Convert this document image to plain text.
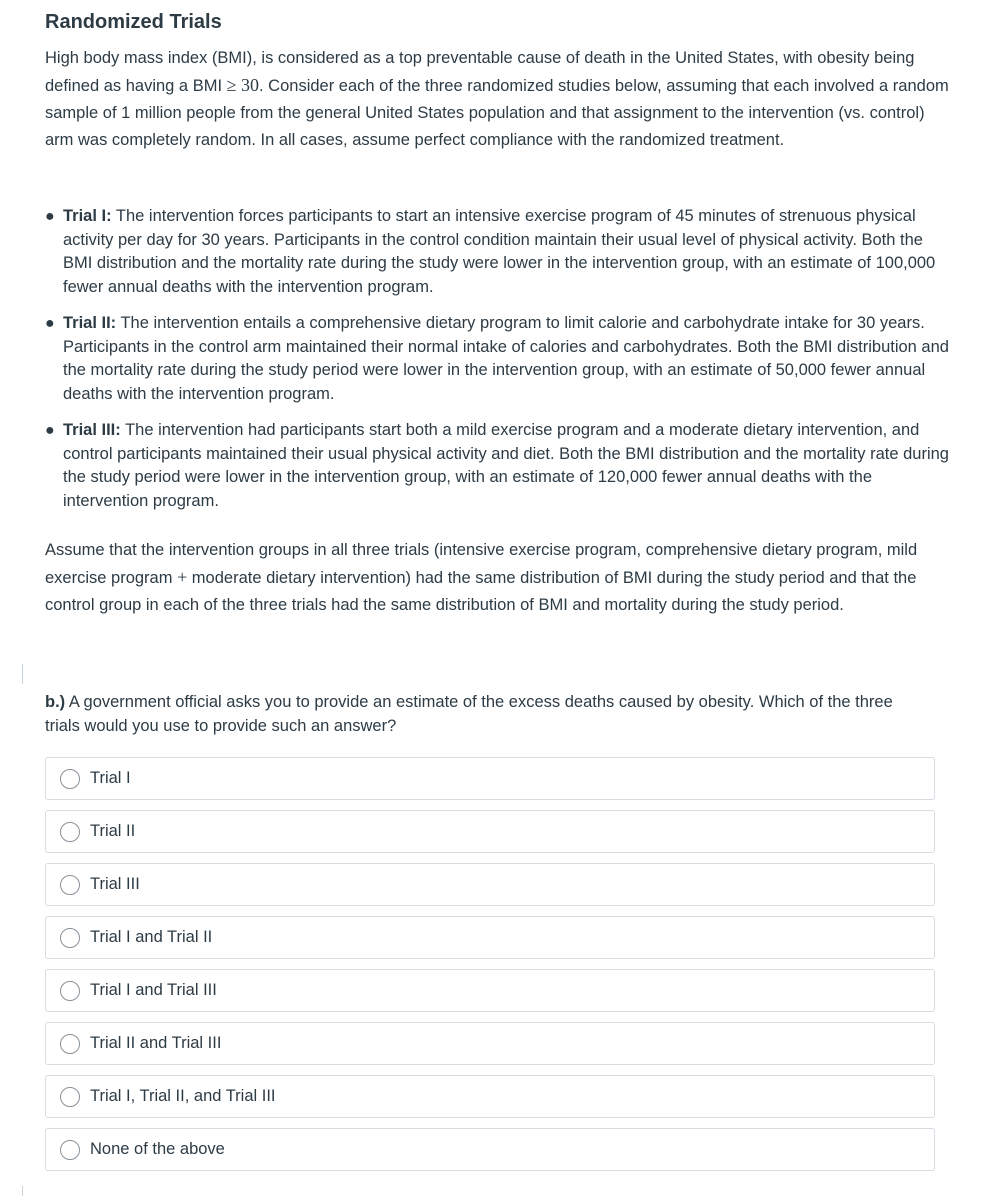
Randomized Trials

High body mass index (BMI), is considered as a top preventable cause of death in the United States, with obesity being defined as having a BMI ≥ 30. Consider each of the three randomized studies below, assuming that each involved a random sample of 1 million people from the general United States population and that assignment to the intervention (vs. control) arm was completely random. In all cases, assume perfect compliance with the randomized treatment.

● Trial I: The intervention forces participants to start an intensive exercise program of 45 minutes of strenuous physical activity per day for 30 years. Participants in the control condition maintain their usual level of physical activity. Both the BMI distribution and the mortality rate during the study were lower in the intervention group, with an estimate of 100,000 fewer annual deaths with the intervention program.
● Trial II: The intervention entails a comprehensive dietary program to limit calorie and carbohydrate intake for 30 years. Participants in the control arm maintained their normal intake of calories and carbohydrates. Both the BMI distribution and the mortality rate during the study period were lower in the intervention group, with an estimate of 50,000 fewer annual deaths with the intervention program.
● Trial III: The intervention had participants start both a mild exercise program and a moderate dietary intervention, and control participants maintained their usual physical activity and diet. Both the BMI distribution and the mortality rate during the study period were lower in the intervention group, with an estimate of 120,000 fewer annual deaths with the intervention program.

Assume that the intervention groups in all three trials (intensive exercise program, comprehensive dietary program, mild exercise program + moderate dietary intervention) had the same distribution of BMI during the study period and that the control group in each of the three trials had the same distribution of BMI and mortality during the study period.

b.) A government official asks you to provide an estimate of the excess deaths caused by obesity. Which of the three trials would you use to provide such an answer?
Trial I
Trial II
Trial III
Trial I and Trial II
Trial I and Trial III
Trial II and Trial III
Trial I, Trial II, and Trial III
None of the above
